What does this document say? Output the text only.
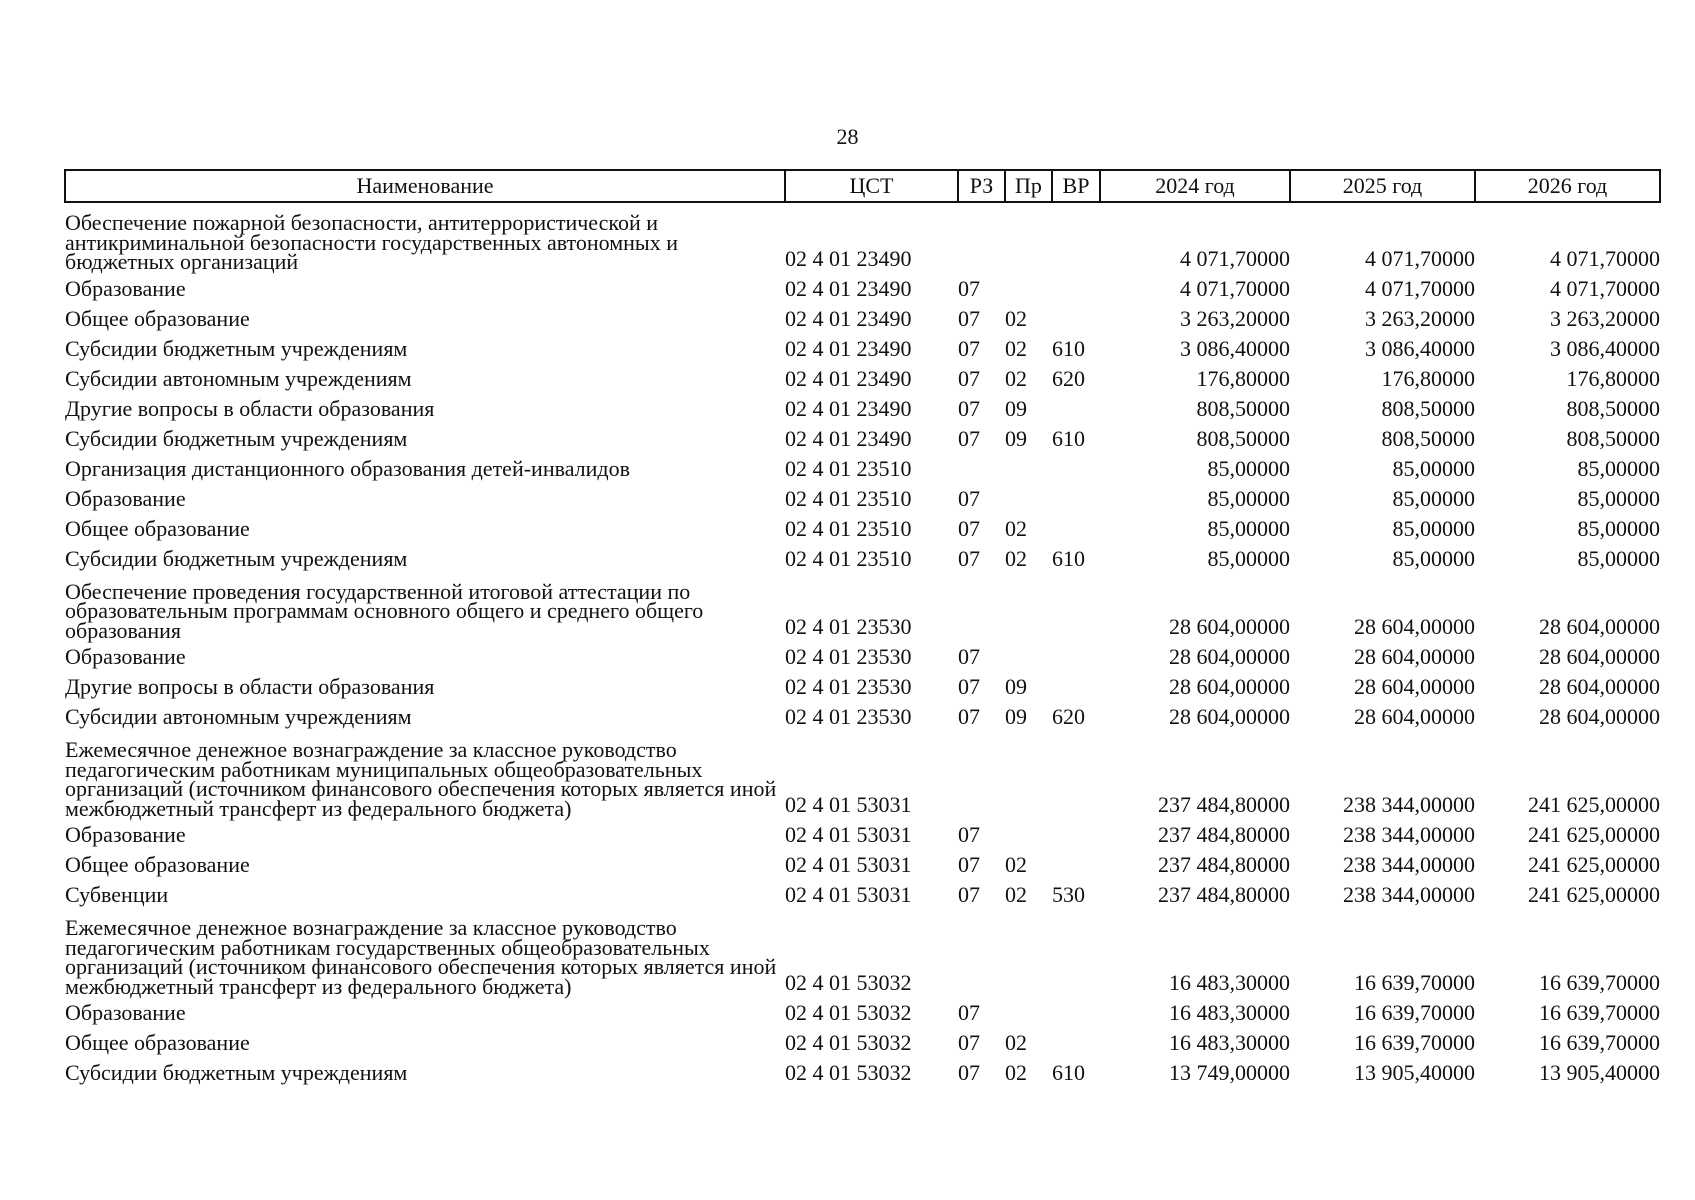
28
Наименование	ЦСТ	РЗ	Пр	ВР	2024 год	2025 год	2026 год
Обеспечение пожарной безопасности, антитеррористической и антикриминальной безопасности государственных автономных и бюджетных организаций	02 4 01 23490				4 071,70000	4 071,70000	4 071,70000
Образование	02 4 01 23490	07			4 071,70000	4 071,70000	4 071,70000
Общее образование	02 4 01 23490	07	02		3 263,20000	3 263,20000	3 263,20000
Субсидии бюджетным учреждениям	02 4 01 23490	07	02	610	3 086,40000	3 086,40000	3 086,40000
Субсидии автономным учреждениям	02 4 01 23490	07	02	620	176,80000	176,80000	176,80000
Другие вопросы в области образования	02 4 01 23490	07	09		808,50000	808,50000	808,50000
Субсидии бюджетным учреждениям	02 4 01 23490	07	09	610	808,50000	808,50000	808,50000
Организация дистанционного образования детей-инвалидов	02 4 01 23510				85,00000	85,00000	85,00000
Образование	02 4 01 23510	07			85,00000	85,00000	85,00000
Общее образование	02 4 01 23510	07	02		85,00000	85,00000	85,00000
Субсидии бюджетным учреждениям	02 4 01 23510	07	02	610	85,00000	85,00000	85,00000
Обеспечение проведения государственной итоговой аттестации по образовательным программам основного общего и среднего общего образования	02 4 01 23530				28 604,00000	28 604,00000	28 604,00000
Образование	02 4 01 23530	07			28 604,00000	28 604,00000	28 604,00000
Другие вопросы в области образования	02 4 01 23530	07	09		28 604,00000	28 604,00000	28 604,00000
Субсидии автономным учреждениям	02 4 01 23530	07	09	620	28 604,00000	28 604,00000	28 604,00000
Ежемесячное денежное вознаграждение за классное руководство педагогическим работникам муниципальных общеобразовательных организаций (источником финансового обеспечения которых является иной межбюджетный трансферт из федерального бюджета)	02 4 01 53031				237 484,80000	238 344,00000	241 625,00000
Образование	02 4 01 53031	07			237 484,80000	238 344,00000	241 625,00000
Общее образование	02 4 01 53031	07	02		237 484,80000	238 344,00000	241 625,00000
Субвенции	02 4 01 53031	07	02	530	237 484,80000	238 344,00000	241 625,00000
Ежемесячное денежное вознаграждение за классное руководство педагогическим работникам государственных общеобразовательных организаций (источником финансового обеспечения которых является иной межбюджетный трансферт из федерального бюджета)	02 4 01 53032				16 483,30000	16 639,70000	16 639,70000
Образование	02 4 01 53032	07			16 483,30000	16 639,70000	16 639,70000
Общее образование	02 4 01 53032	07	02		16 483,30000	16 639,70000	16 639,70000
Субсидии бюджетным учреждениям	02 4 01 53032	07	02	610	13 749,00000	13 905,40000	13 905,40000
